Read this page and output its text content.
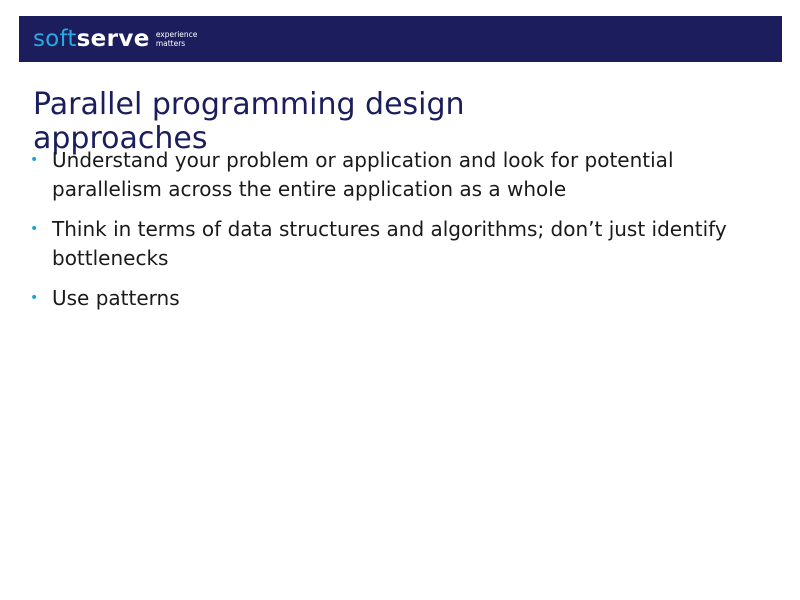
soft serve experience
matters
Parallel programming design approaches
• Understand your problem or application and look for potential parallelism across the entire application as a whole
• Think in terms of data structures and algorithms; don’t just identify bottlenecks
• Use patterns
